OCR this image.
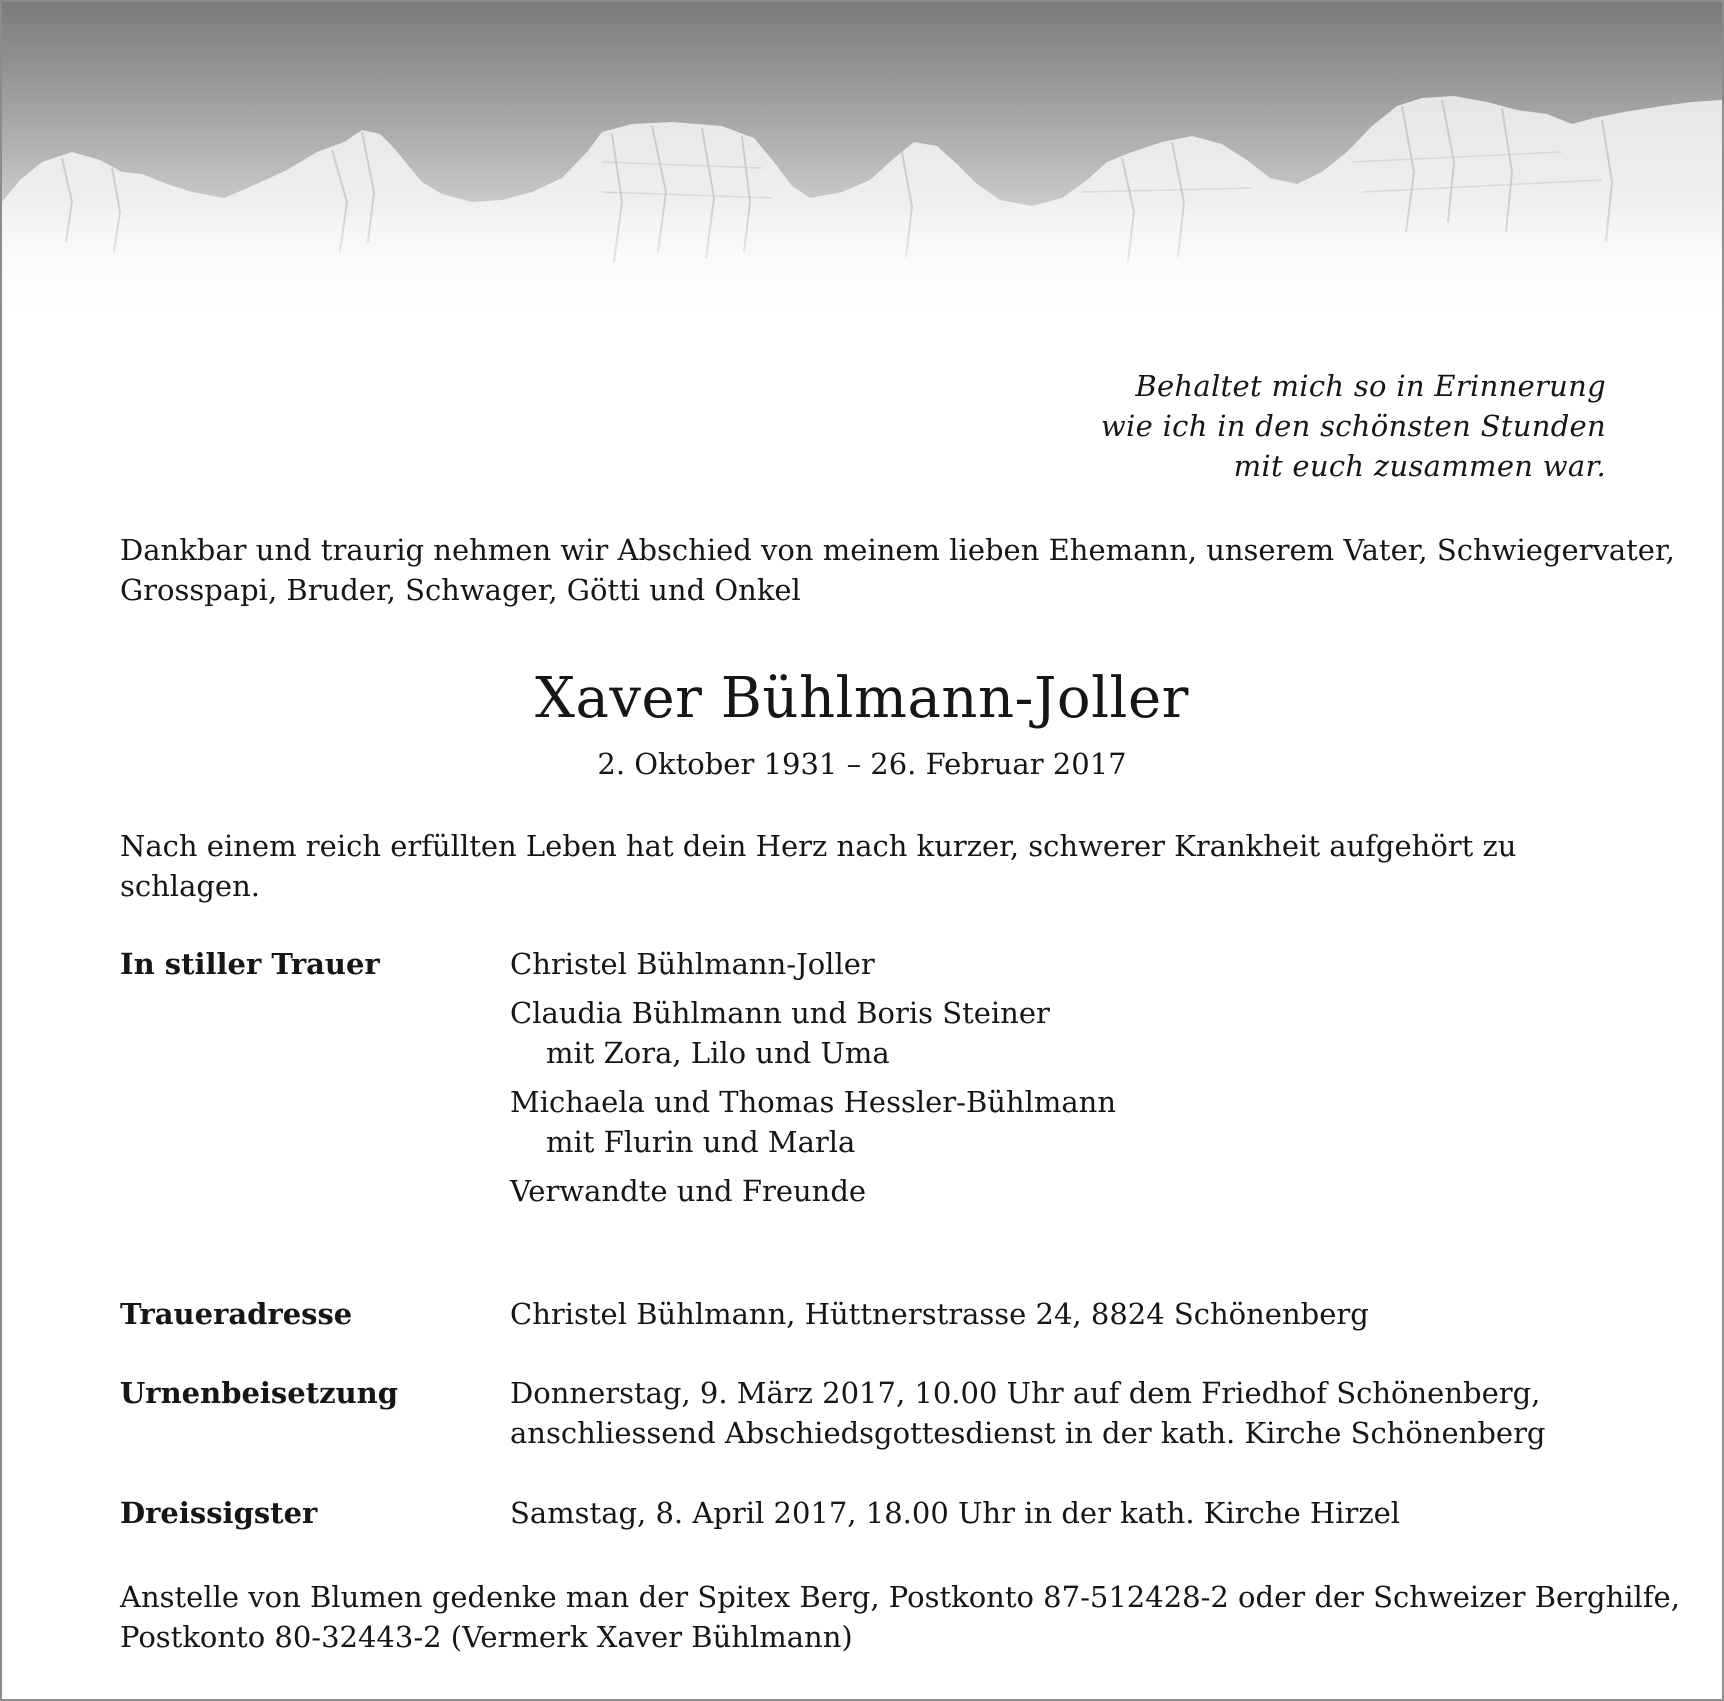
Behaltet mich so in Erinnerung
wie ich in den schönsten Stunden
mit euch zusammen war.
Dankbar und traurig nehmen wir Abschied von meinem lieben Ehemann, unserem Vater, Schwiegervater,
Grosspapi, Bruder, Schwager, Götti und Onkel
Xaver Bühlmann-Joller
2. Oktober 1931 – 26. Februar 2017
Nach einem reich erfüllten Leben hat dein Herz nach kurzer, schwerer Krankheit aufgehört zu schlagen.
In stiller Trauer	Christel Bühlmann-Joller
Claudia Bühlmann und Boris Steiner
mit Zora, Lilo und Uma
Michaela und Thomas Hessler-Bühlmann
mit Flurin und Marla
Verwandte und Freunde
Traueradresse	Christel Bühlmann, Hüttnerstrasse 24, 8824 Schönenberg
Urnenbeisetzung	Donnerstag, 9. März 2017, 10.00 Uhr auf dem Friedhof Schönenberg,
anschliessend Abschiedsgottesdienst in der kath. Kirche Schönenberg
Dreissigster	Samstag, 8. April 2017, 18.00 Uhr in der kath. Kirche Hirzel
Anstelle von Blumen gedenke man der Spitex Berg, Postkonto 87-512428-2 oder der Schweizer Berghilfe,
Postkonto 80-32443-2 (Vermerk Xaver Bühlmann)
